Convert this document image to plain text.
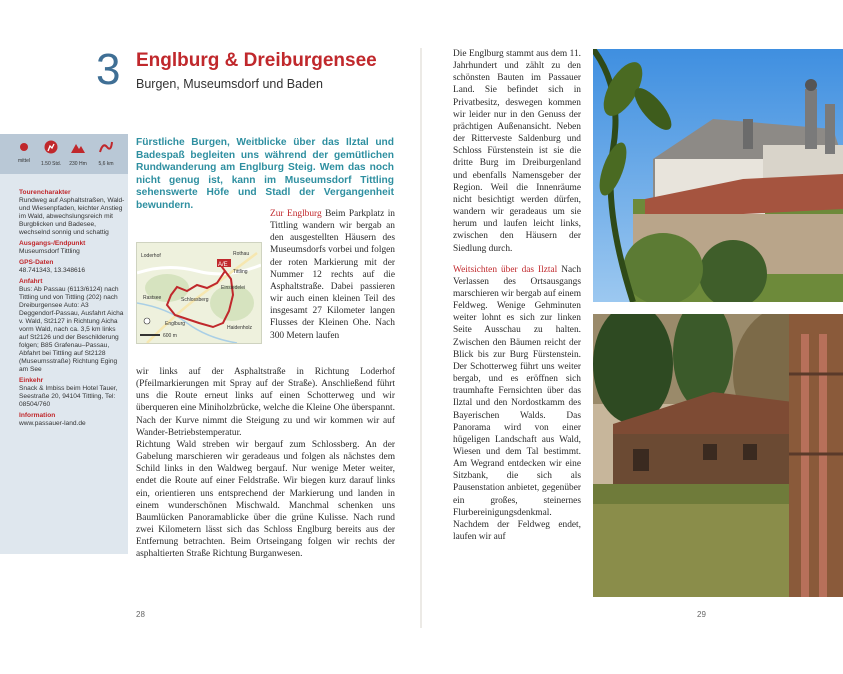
3 Englburg & Dreiburgensee
Burgen, Museumsdorf und Baden
mittel	1.50 Std. 230 Hm	5,6 km
Tourencharakter
Rundweg auf Asphaltstraßen, Wald- und Wiesenpfaden, leichter Anstieg im Wald, abwechslungsreich mit Burgblicken und Badesee, wechselnd sonnig und schattig
Ausgangs-/Endpunkt
Museumsdorf Tittling
GPS-Daten
48.741343, 13.348616
Anfahrt
Bus: Ab Passau (6113/6124) nach Tittling und von Tittling (202) nach Dreiburgensee Auto: A3 Deggendorf-Passau, Ausfahrt Aicha v. Wald, St2127 in Richtung Aicha vorm Wald, nach ca. 3,5 km links auf St2126 und der Beschilderung folgen; B85 Grafenau–Passau, Abfahrt bei Tittling auf St2128 (Museumsstraße) Richtung Eging am See
Einkehr
Snack & Imbiss beim Hotel Tauer, Seestraße 20, 94104 Tittling, Tel: 08504/760
Information
www.passauer-land.de
Fürstliche Burgen, Weitblicke über das Ilztal und Badespaß begleiten uns während der gemütlichen Rundwanderung am Englburg Steig. Wem das noch nicht genug ist, kann im Museumsdorf Tittling sehenswerte Höfe und Stadl der Vergangenheit bewundern.
A/E
Loderhof	Rothau
Tittling
Englburg
Haidenholz
Einsiedelei
Rastsee	Schlossberg
600 m
Zur Englburg Beim Parkplatz in Tittling wandern wir bergab an den ausgestellten Häusern des Museumsdorfs vorbei und folgen der roten Markierung mit der Nummer 12 rechts auf die Asphaltstraße. Dabei passieren wir auch einen kleinen Teil des insgesamt 27 Kilometer langen Flusses der Kleinen Ohe. Nach 300 Metern laufen
wir links auf der Asphaltstraße in Richtung Loderhof (Pfeilmarkierungen mit Spray auf der Straße). Anschließend führt uns die Route erneut links auf einen Schotterweg und wir überqueren eine Miniholzbrücke, welche die Kleine Ohe überspannt. Nach der Kurve nimmt die Steigung zu und wir kommen wir auf Wander-Betriebstemperatur.
Richtung Wald streben wir bergauf zum Schlossberg. An der Gabelung marschieren wir geradeaus und folgen als nächstes dem Schild links in den Waldweg bergauf. Nur wenige Meter weiter, endet die Route auf einer Feldstraße. Wir biegen kurz darauf links ein, orientieren uns entsprechend der Markierung und landen in einem wunderschönen Mischwald. Manchmal schenken uns Baumlücken Panoramablicke über die grüne Kulisse. Nach rund zwei Kilometern lässt sich das Schloss Englburg bereits aus der Entfernung betrachten. Beim Ortseingang folgen wir rechts der asphaltierten Straße Richtung Burganwesen.
Die Englburg stammt aus dem 11. Jahrhundert und zählt zu den schönsten Bauten im Passauer Land. Sie befindet sich in Privatbesitz, deswegen kommen wir leider nur in den Genuss der prächtigen Außenansicht. Neben der Ritterveste Saldenburg und Schloss Fürstenstein ist sie die dritte Burg im Dreiburgenland und ebenfalls Namensgeber der Region. Weil die Innenräume nicht besichtigt werden dürfen, wandern wir geradeaus um sie herum und laufen leicht links, zwischen den Häusern der Siedlung durch.
Weitsichten über das Ilztal Nach Verlassen des Ortsausgangs marschieren wir bergab auf einem Feldweg. Wenige Gehminuten weiter lohnt es sich zur linken Seite Ausschau zu halten. Zwischen den Bäumen reicht der Blick bis zur Burg Fürstenstein. Der Schotterweg führt uns weiter bergab, und es eröffnen sich traumhafte Fernsichten über das Ilztal und den Nordostkamm des Bayerischen Walds. Das Panorama wird von einer hügeligen Landschaft aus Wald, Wiesen und dem Tal bestimmt. Am Wegrand entdecken wir eine Sitzbank, die sich als Pausenstation anbietet, gegenüber ein großes, steinernes Flurbereinigungsdenkmal. Nachdem der Feldweg endet, laufen wir auf
28	29
